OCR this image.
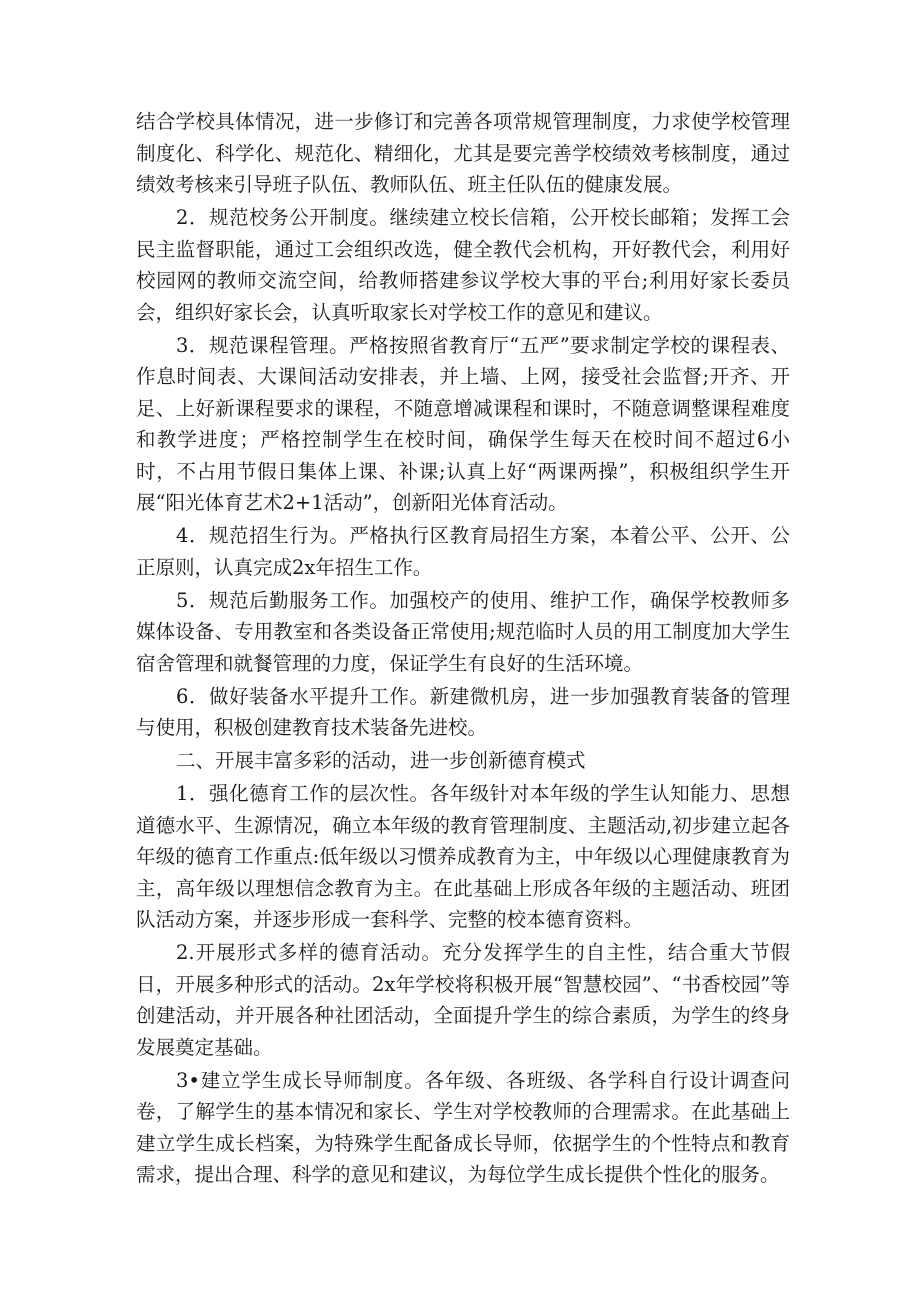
结合学校具体情况，进一步修订和完善各项常规管理制度，力求使学校管理制度化、科学化、规范化、精细化，尤其是要完善学校绩效考核制度，通过绩效考核来引导班子队伍、教师队伍、班主任队伍的健康发展。

2．规范校务公开制度。继续建立校长信箱，公开校长邮箱；发挥工会民主监督职能，通过工会组织改选，健全教代会机构，开好教代会，利用好校园网的教师交流空间，给教师搭建参议学校大事的平台;利用好家长委员会，组织好家长会，认真听取家长对学校工作的意见和建议。

3．规范课程管理。严格按照省教育厅“五严”要求制定学校的课程表、作息时间表、大课间活动安排表，并上墙、上网，接受社会监督;开齐、开足、上好新课程要求的课程，不随意增减课程和课时，不随意调整课程难度和教学进度；严格控制学生在校时间，确保学生每天在校时间不超过6小时，不占用节假日集体上课、补课;认真上好“两课两操”，积极组织学生开展“阳光体育艺术2+1活动”，创新阳光体育活动。

4．规范招生行为。严格执行区教育局招生方案，本着公平、公开、公正原则，认真完成2x年招生工作。

5．规范后勤服务工作。加强校产的使用、维护工作，确保学校教师多媒体设备、专用教室和各类设备正常使用;规范临时人员的用工制度加大学生宿舍管理和就餐管理的力度，保证学生有良好的生活环境。

6．做好装备水平提升工作。新建微机房，进一步加强教育装备的管理与使用，积极创建教育技术装备先进校。

二、开展丰富多彩的活动，进一步创新德育模式

1．强化德育工作的层次性。各年级针对本年级的学生认知能力、思想道德水平、生源情况，确立本年级的教育管理制度、主题活动,初步建立起各年级的德育工作重点:低年级以习惯养成教育为主，中年级以心理健康教育为主，高年级以理想信念教育为主。在此基础上形成各年级的主题活动、班团队活动方案，并逐步形成一套科学、完整的校本德育资料。

2.开展形式多样的德育活动。充分发挥学生的自主性，结合重大节假日，开展多种形式的活动。2x年学校将积极开展“智慧校园”、“书香校园”等创建活动，并开展各种社团活动，全面提升学生的综合素质，为学生的终身发展奠定基础。

3•建立学生成长导师制度。各年级、各班级、各学科自行设计调查问卷，了解学生的基本情况和家长、学生对学校教师的合理需求。在此基础上建立学生成长档案，为特殊学生配备成长导师，依据学生的个性特点和教育需求，提出合理、科学的意见和建议，为每位学生成长提供个性化的服务。
